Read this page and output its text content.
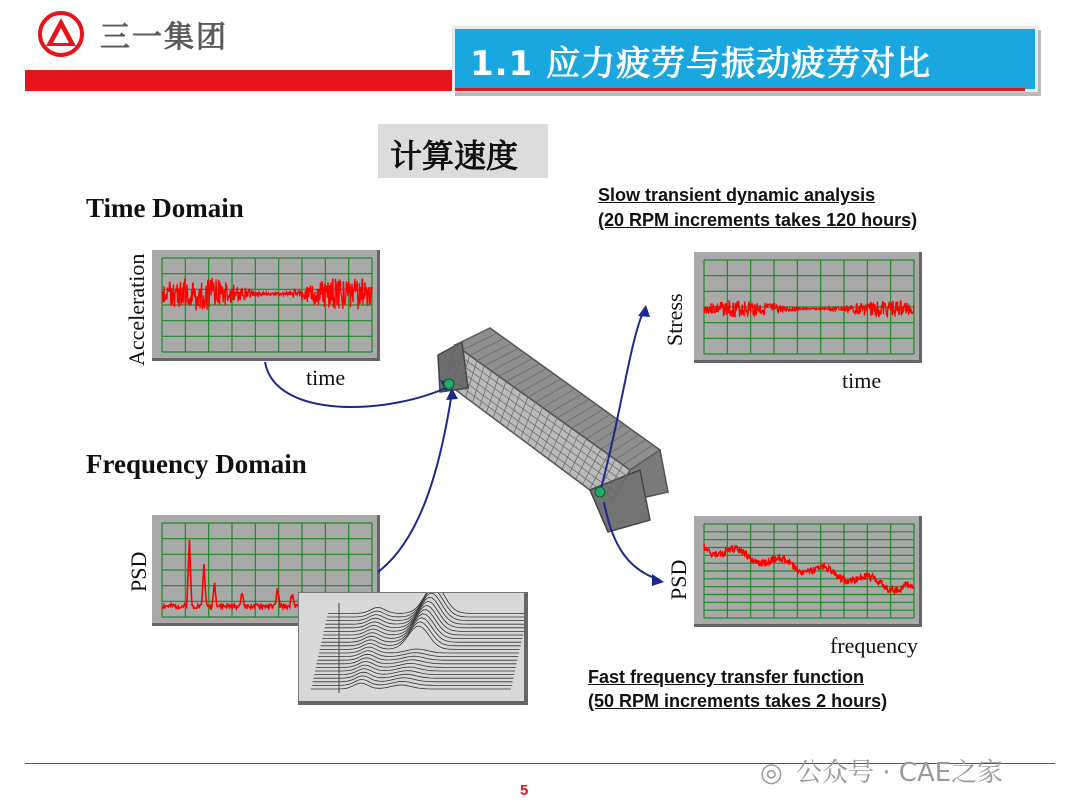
三一集团
1.1 应力疲劳与振动疲劳对比
计算速度
Time Domain
Acceleration
time
Frequency Domain
PSD
Slow transient dynamic analysis
(20 RPM increments takes 120 hours)
Stress
time
PSD
frequency
Fast frequency transfer function
(50 RPM increments takes 2 hours)
5
◎ 公众号 · CAE之家
